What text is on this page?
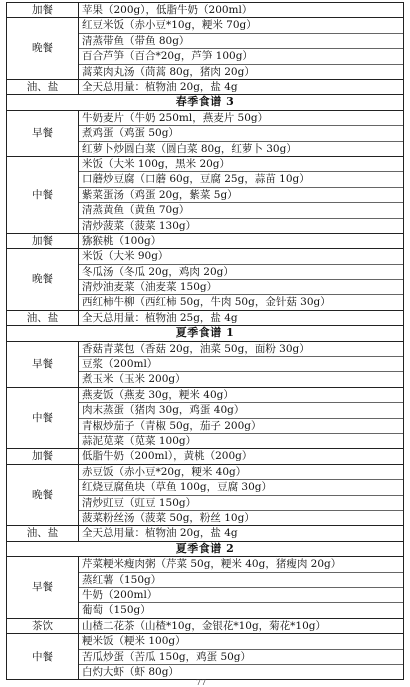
加餐	苹果（200g），低脂牛奶（200ml）

晚餐	红豆米饭（赤小豆*10g，粳米 70g）
清蒸带鱼（带鱼 80g）
百合芦笋（百合*20g，芦笋 100g）
蒿菜肉丸汤（茼蒿 80g，猪肉 20g）

油、盐	全天总用量：植物油 20g，盐 4g

春季食谱 3	
早餐	牛奶麦片（牛奶 250ml，燕麦片 50g）
煮鸡蛋（鸡蛋 50g）
红萝卜炒圆白菜（圆白菜 80g，红萝卜 30g）

中餐	米饭（大米 100g，黑米 20g）
口蘑炒豆腐（口蘑 60g，豆腐 25g，蒜苗 10g）
紫菜蛋汤（鸡蛋 20g，紫菜 5g）
清蒸黄鱼（黄鱼 70g）
清炒菠菜（菠菜 130g）

加餐	猕猴桃（100g）

晚餐	米饭（大米 90g）
冬瓜汤（冬瓜 20g，鸡肉 20g）
清炒油麦菜（油麦菜 150g）
西红柿牛柳（西红柿 50g，牛肉 50g，金针菇 30g）

油、盐	全天总用量：植物油 25g，盐 4g

夏季食谱 1	
早餐	香菇青菜包（香菇 20g，油菜 50g，面粉 30g）
豆浆（200ml）
煮玉米（玉米 200g）

中餐	燕麦饭（燕麦 30g，粳米 40g）
肉末蒸蛋（猪肉 30g，鸡蛋 40g）
青椒炒茄子（青椒 50g，茄子 200g）
蒜泥苋菜（苋菜 100g）

加餐	低脂牛奶（200ml），黄桃（200g）

晚餐	赤豆饭（赤小豆*20g，粳米 40g）
红烧豆腐鱼块（草鱼 100g，豆腐 30g）
清炒豇豆（豇豆 150g）
菠菜粉丝汤（菠菜 50g，粉丝 10g）

油、盐	全天总用量：植物油 20g，盐 4g

夏季食谱 2	
早餐	芹菜粳米瘦肉粥（芹菜 50g，粳米 40g，猪瘦肉 20g）
蒸红薯（150g）
牛奶（200ml）
葡萄（150g）

茶饮	山楂二花茶（山楂*10g，金银花*10g，菊花*10g）

中餐	粳米饭（粳米 100g）
苦瓜炒蛋（苦瓜 150g，鸡蛋 50g）
白灼大虾（虾 80g）
77
